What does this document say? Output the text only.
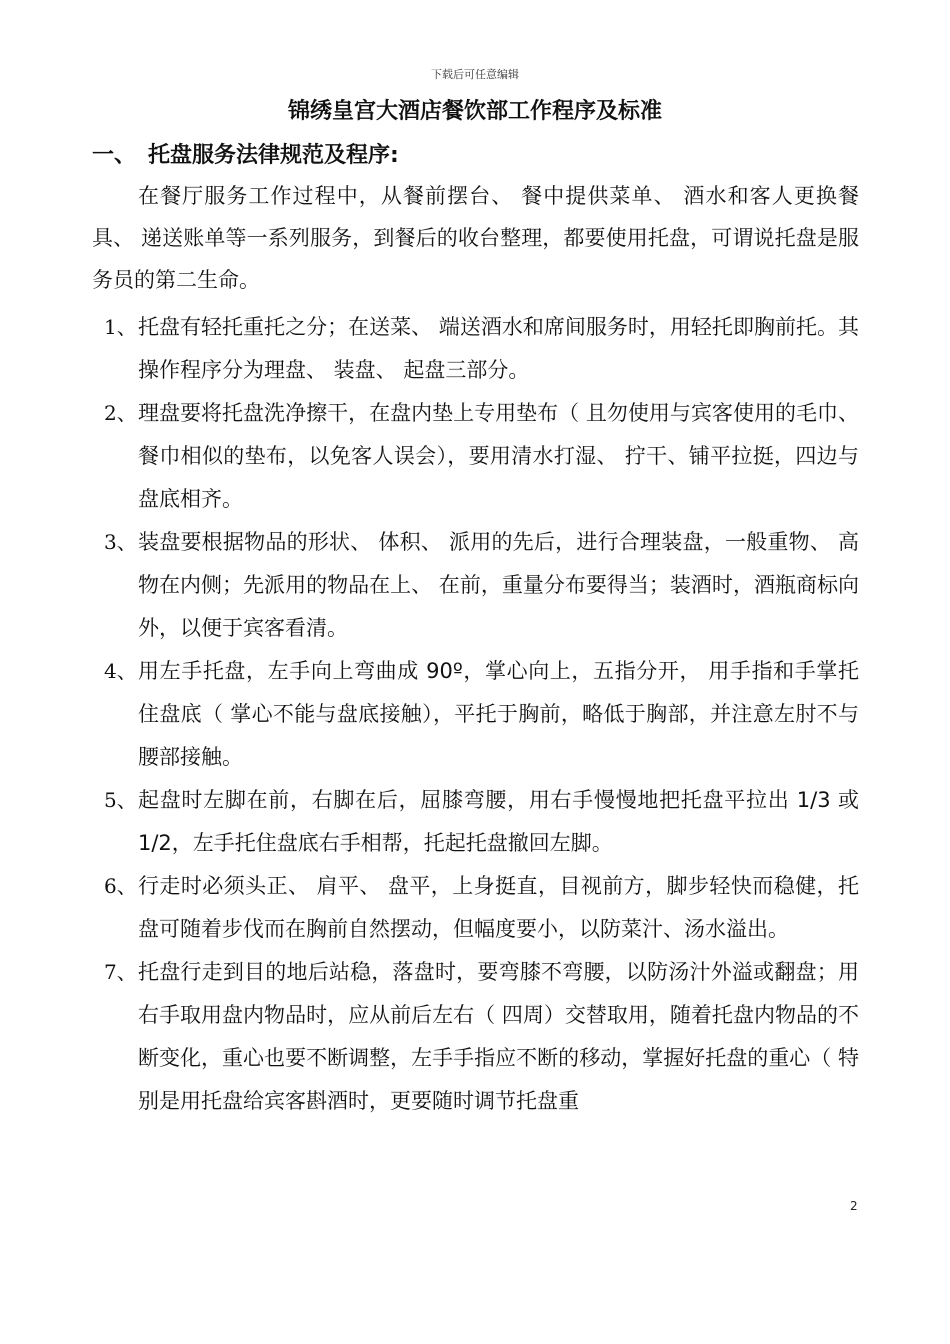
下载后可任意编辑
锦绣皇宫大酒店餐饮部工作程序及标准
一、 托盘服务法律规范及程序:

在餐厅服务工作过程中，从餐前摆台、 餐中提供菜单、 酒水和客人更换餐具、 递送账单等一系列服务，到餐后的收台整理，都要使用托盘，可谓说托盘是服务员的第二生命。

1、 托盘有轻托重托之分；在送菜、 端送酒水和席间服务时，用轻托即胸前托。其操作程序分为理盘、 装盘、 起盘三部分。
2、 理盘要将托盘洗净擦干，在盘内垫上专用垫布（ 且勿使用与宾客使用的毛巾、 餐巾相似的垫布，以免客人误会），要用清水打湿、 拧干、铺平拉挺，四边与盘底相齐。
3、 装盘要根据物品的形状、 体积、 派用的先后，进行合理装盘，一般重物、 高物在内侧；先派用的物品在上、 在前，重量分布要得当；装酒时，酒瓶商标向外，以便于宾客看清。
4、 用左手托盘，左手向上弯曲成 90º，掌心向上，五指分开， 用手指和手掌托住盘底（ 掌心不能与盘底接触），平托于胸前，略低于胸部，并注意左肘不与腰部接触。
5、 起盘时左脚在前，右脚在后，屈膝弯腰，用右手慢慢地把托盘平拉出 1/3 或 1/2，左手托住盘底右手相帮，托起托盘撤回左脚。
6、 行走时必须头正、 肩平、 盘平，上身挺直，目视前方，脚步轻快而稳健，托盘可随着步伐而在胸前自然摆动，但幅度要小，以防菜汁、汤水溢出。
7、 托盘行走到目的地后站稳，落盘时，要弯膝不弯腰，以防汤汁外溢或翻盘；用右手取用盘内物品时，应从前后左右（ 四周）交替取用，随着托盘内物品的不断变化，重心也要不断调整，左手手指应不断的移动，掌握好托盘的重心（ 特别是用托盘给宾客斟酒时，更要随时调节托盘重
2
